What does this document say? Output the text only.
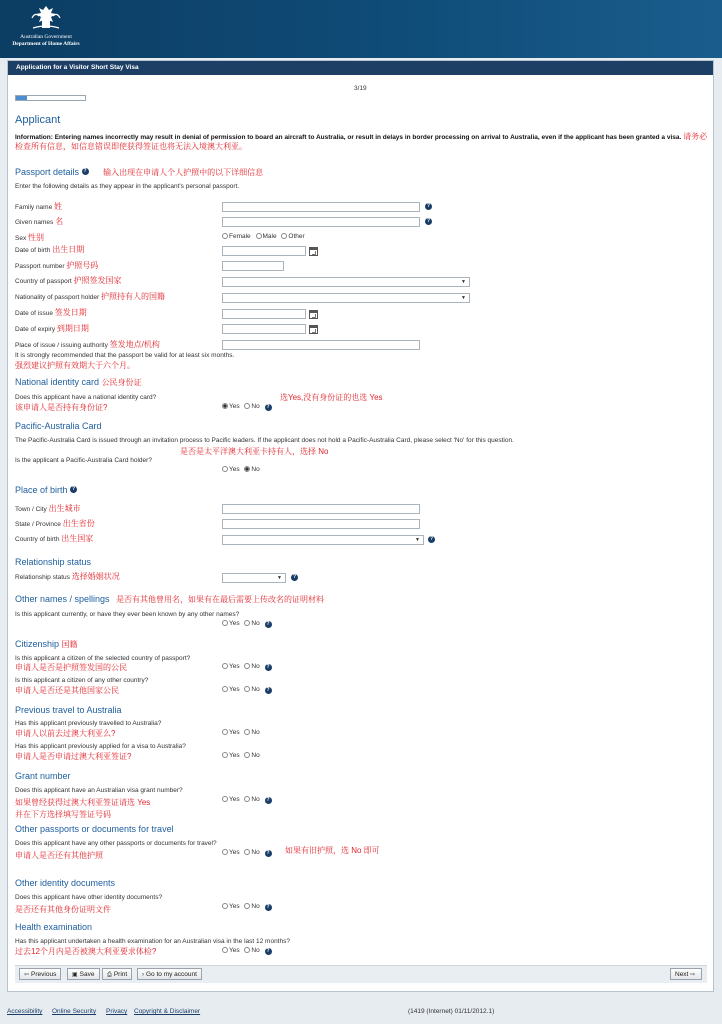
Australian Government
Department of Home Affairs
Application for a Visitor Short Stay Visa
3/19
Applicant
Information: Entering names incorrectly may result in denial of permission to board an aircraft to Australia, or result in delays in border processing on arrival to Australia, even if the applicant has been granted a visa. 请务必检查所有信息，如信息错误即使获得签证也将无法入境澳大利亚。
Passport details ? 输入出现在申请人个人护照中的以下详细信息
Enter the following details as they appear in the applicant's personal passport.
Family name 姓	?
Given names 名	?
Sex 性别	Female Male Other
Date of birth 出生日期
Passport number 护照号码
Country of passport 护照签发国家	▼
Nationality of passport holder 护照持有人的国籍	▼
Date of issue 签发日期
Date of expiry 到期日期
Place of issue / issuing authority 签发地点/机构
It is strongly recommended that the passport be valid for at least six months.
强烈建议护照有效期大于六个月。
National identity card 公民身份证
Does this applicant have a national identity card?
该申请人是否持有身份证?
选Yes,没有身份证的也选 Yes
Yes No ?
Pacific-Australia Card
The Pacific-Australia Card is issued through an invitation process to Pacific leaders. If the applicant does not hold a Pacific-Australia Card, please select 'No' for this question.
是否是太平洋澳大利亚卡持有人，选择 No
Is the applicant a Pacific-Australia Card holder?
Yes No
Place of birth ?
Town / City 出生城市
State / Province 出生省份
Country of birth 出生国家	▼	?
Relationship status
Relationship status 选择婚姻状况	▼	?
Other names / spellings 是否有其他曾用名，如果有在最后需要上传改名的证明材料
Is this applicant currently, or have they ever been known by any other names?
Yes No ?
Citizenship 国籍
Is this applicant a citizen of the selected country of passport?
申请人是否是护照签发国的公民	Yes No ?
Is this applicant a citizen of any other country?
申请人是否还是其他国家公民	Yes No ?
Previous travel to Australia
Has this applicant previously travelled to Australia?
申请人以前去过澳大利亚么?	Yes No
Has this applicant previously applied for a visa to Australia?
申请人是否申请过澳大利亚签证?	Yes No
Grant number
Does this applicant have an Australian visa grant number?
如果曾经获得过澳大利亚签证请选 Yes
并在下方选择填写签证号码
Yes No ?
Other passports or documents for travel
Does this applicant have any other passports or documents for travel?
申请人是否还有其他护照	Yes No ? 如果有旧护照，选 No 即可
Other identity documents
Does this applicant have other identity documents?
是否还有其他身份证明文件	Yes No ?
Health examination
Has this applicant undertaken a health examination for an Australian visa in the last 12 months?
过去12个月内是否被澳大利亚要求体检?	Yes No ?
⇦ Previous	▣ Save	⎙ Print	› Go to my account	Next ⇨
Accessibility Online Security Privacy Copyright & Disclaimer	(1419 (Internet) 01/11/2012.1)
